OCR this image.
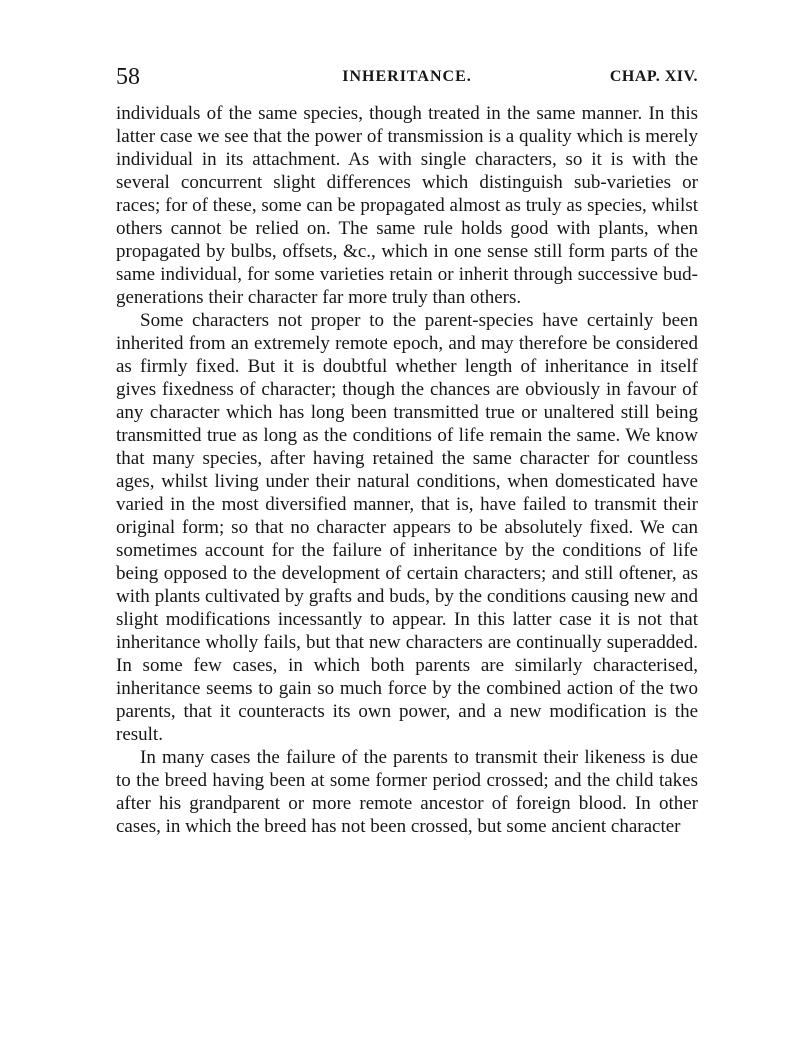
58	INHERITANCE.	CHAP. XIV.

individuals of the same species, though treated in the same manner. In this latter case we see that the power of transmission is a quality which is merely individual in its attachment. As with single characters, so it is with the several concurrent slight differences which distinguish sub-varieties or races; for of these, some can be propagated almost as truly as species, whilst others cannot be relied on. The same rule holds good with plants, when propagated by bulbs, offsets, &c., which in one sense still form parts of the same individual, for some varieties retain or inherit through successive bud-generations their character far more truly than others.

Some characters not proper to the parent-species have certainly been inherited from an extremely remote epoch, and may therefore be considered as firmly fixed. But it is doubtful whether length of inheritance in itself gives fixedness of character; though the chances are obviously in favour of any character which has long been transmitted true or unaltered still being transmitted true as long as the conditions of life remain the same. We know that many species, after having retained the same character for countless ages, whilst living under their natural conditions, when domesticated have varied in the most diversified manner, that is, have failed to transmit their original form; so that no character appears to be absolutely fixed. We can sometimes account for the failure of inheritance by the conditions of life being opposed to the development of certain characters; and still oftener, as with plants cultivated by grafts and buds, by the conditions causing new and slight modifications incessantly to appear. In this latter case it is not that inheritance wholly fails, but that new characters are continually superadded. In some few cases, in which both parents are similarly characterised, inheritance seems to gain so much force by the combined action of the two parents, that it counteracts its own power, and a new modification is the result.

In many cases the failure of the parents to transmit their likeness is due to the breed having been at some former period crossed; and the child takes after his grandparent or more remote ancestor of foreign blood. In other cases, in which the breed has not been crossed, but some ancient character
